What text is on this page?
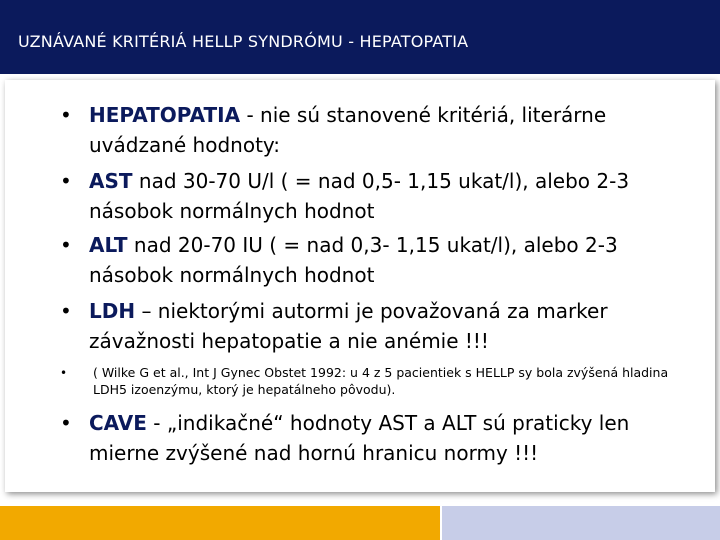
UZNÁVANÉ KRITÉRIÁ HELLP SYNDRÓMU - HEPATOPATIA
• HEPATOPATIA - nie sú stanovené kritériá, literárne uvádzané hodnoty:
• AST nad 30-70 U/l ( = nad 0,5- 1,15 ukat/l), alebo 2-3 násobok normálnych hodnot
• ALT nad 20-70 IU ( = nad 0,3- 1,15 ukat/l), alebo 2-3 násobok normálnych hodnot
• LDH – niektorými autormi je považovaná za marker závažnosti hepatopatie a nie anémie !!!
• ( Wilke G et al., Int J Gynec Obstet 1992: u 4 z 5 pacientiek s HELLP sy bola zvýšená hladina LDH5 izoenzýmu, ktorý je hepatálneho pôvodu).
• CAVE - „indikačné“ hodnoty AST a ALT sú praticky len mierne zvýšené nad hornú hranicu normy !!!
